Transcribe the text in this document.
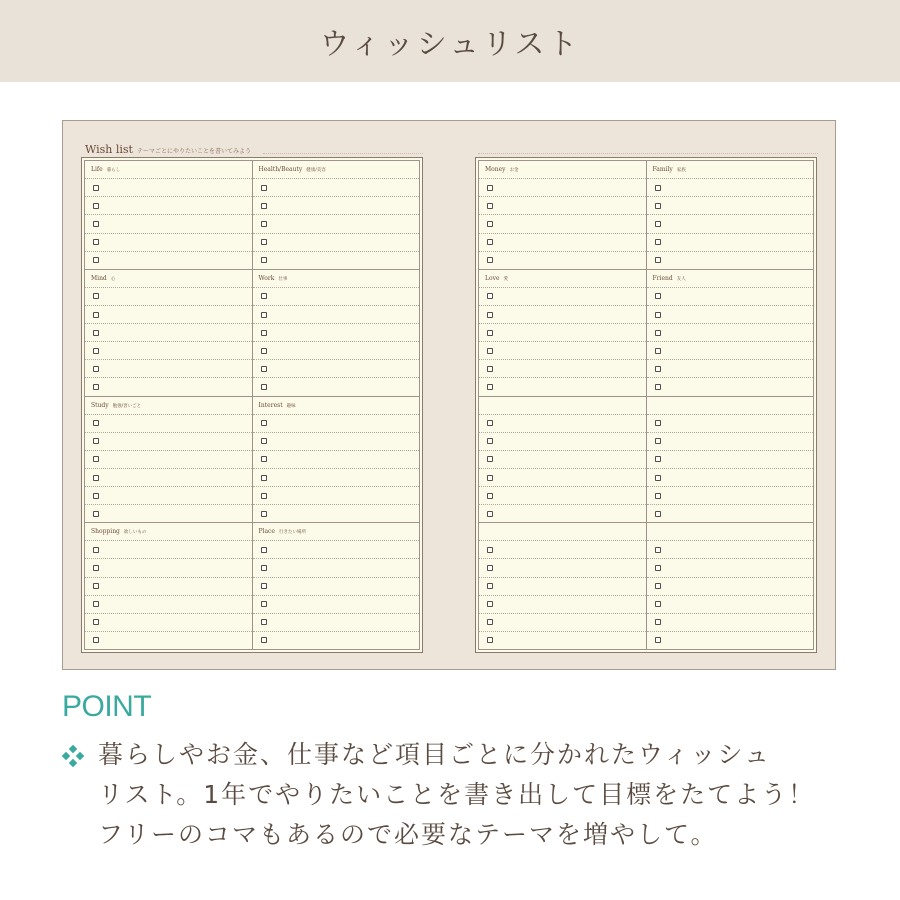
ウィッシュリスト
Wish list テーマごとにやりたいことを書いてみよう
Life 暮らし	Health/Beauty 健康/美容
Mind 心	Work 仕事
Study 勉強/習いごと	Interest 趣味
Shopping 欲しいもの	Place 行きたい場所
Money お金	Family 家族
Love 愛	Friend 友人
POINT
暮らしやお金、仕事など項目ごとに分かれたウィッシュ
リスト。1年でやりたいことを書き出して目標をたてよう！
フリーのコマもあるので必要なテーマを増やして。
